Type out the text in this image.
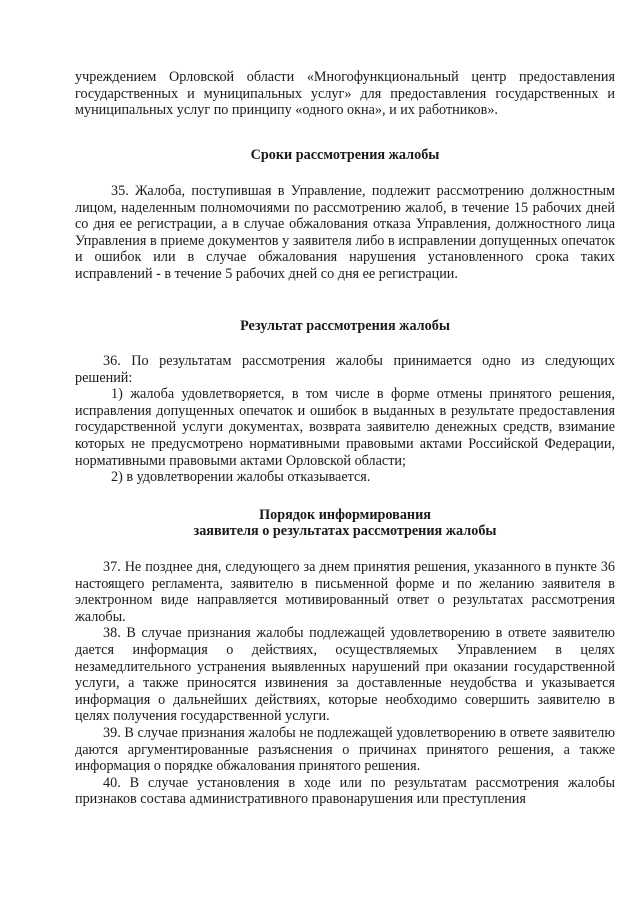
учреждением Орловской области «Многофункциональный центр предоставления государственных и муниципальных услуг» для предоставления государственных и муниципальных услуг по принципу «одного окна», и их работников».

Сроки рассмотрения жалобы

35. Жалоба, поступившая в Управление, подлежит рассмотрению должностным лицом, наделенным полномочиями по рассмотрению жалоб, в течение 15 рабочих дней со дня ее регистрации, а в случае обжалования отказа Управления, должностного лица Управления в приеме документов у заявителя либо в исправлении допущенных опечаток и ошибок или в случае обжалования нарушения установленного срока таких исправлений - в течение 5 рабочих дней со дня ее регистрации.

Результат рассмотрения жалобы

36. По результатам рассмотрения жалобы принимается одно из следующих решений:

1) жалоба удовлетворяется, в том числе в форме отмены принятого решения, исправления допущенных опечаток и ошибок в выданных в результате предоставления государственной услуги документах, возврата заявителю денежных средств, взимание которых не предусмотрено нормативными правовыми актами Российской Федерации, нормативными правовыми актами Орловской области;

2) в удовлетворении жалобы отказывается.

Порядок информирования
заявителя о результатах рассмотрения жалобы

37. Не позднее дня, следующего за днем принятия решения, указанного в пункте 36 настоящего регламента, заявителю в письменной форме и по желанию заявителя в электронном виде направляется мотивированный ответ о результатах рассмотрения жалобы.

38. В случае признания жалобы подлежащей удовлетворению в ответе заявителю дается информация о действиях, осуществляемых Управлением в целях незамедлительного устранения выявленных нарушений при оказании государственной услуги, а также приносятся извинения за доставленные неудобства и указывается информация о дальнейших действиях, которые необходимо совершить заявителю в целях получения государственной услуги.

39. В случае признания жалобы не подлежащей удовлетворению в ответе заявителю даются аргументированные разъяснения о причинах принятого решения, а также информация о порядке обжалования принятого решения.

40. В случае установления в ходе или по результатам рассмотрения жалобы признаков состава административного правонарушения или преступления
